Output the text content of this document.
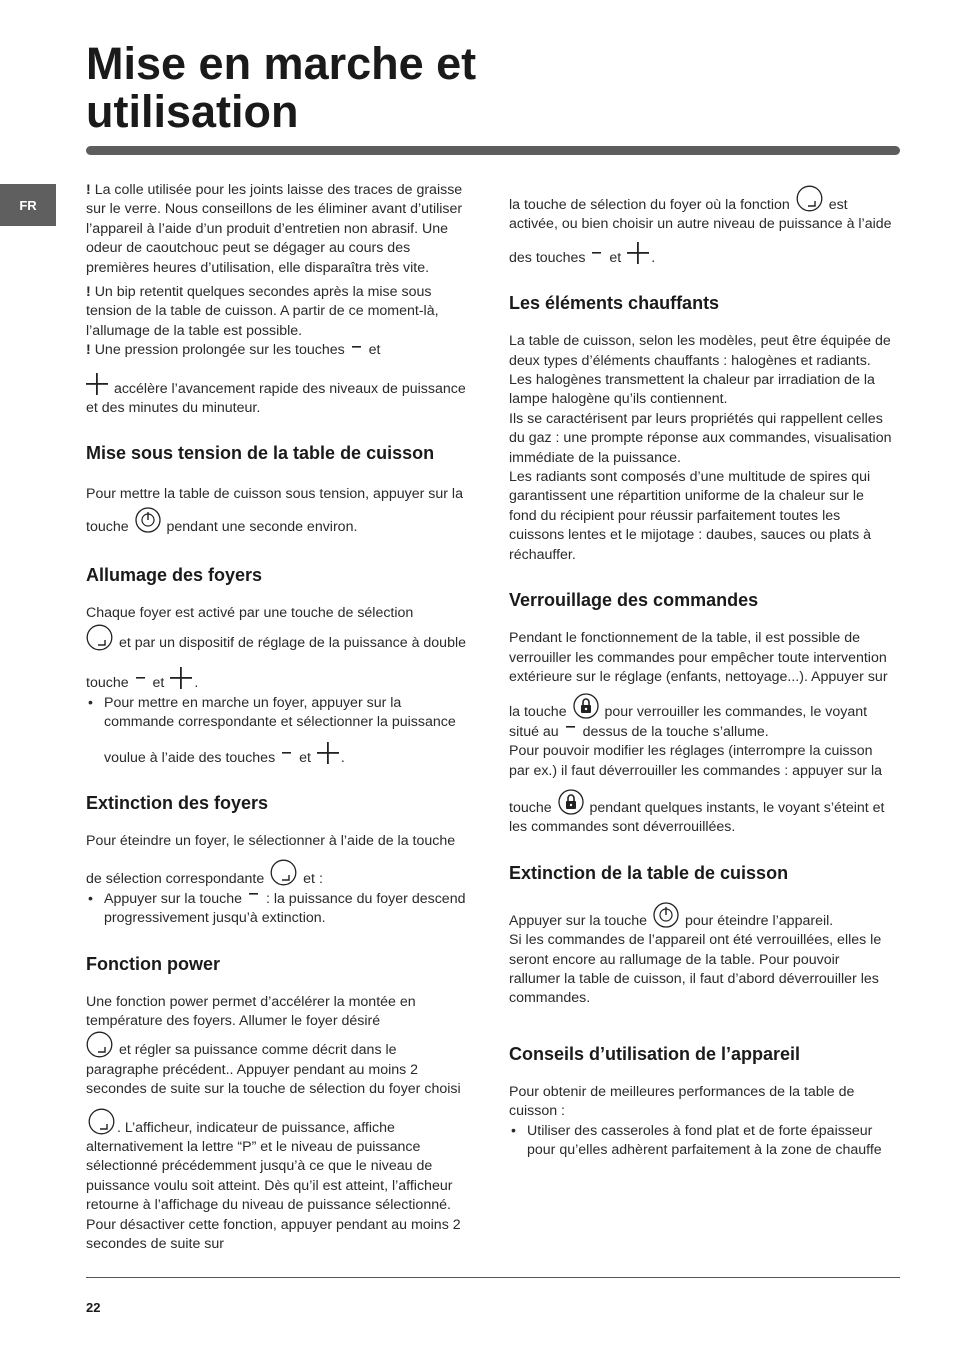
Mise en marche et utilisation
FR

! La colle utilisée pour les joints laisse des traces de graisse sur le verre. Nous conseillons de les éliminer avant d’utiliser l’appareil à l’aide d’un produit d’entretien non abrasif. Une odeur de caoutchouc peut se dégager au cours des premières heures d’utilisation, elle disparaîtra très vite.

! Un bip retentit quelques secondes après la mise sous tension de la table de cuisson. A partir de ce moment-là, l’allumage de la table est possible.

! Une pression prolongée sur les touches et
accélère l’avancement rapide des niveaux de puissance et des minutes du minuteur.

Mise sous tension de la table de cuisson

Pour mettre la table de cuisson sous tension, appuyer sur la touche	pendant une seconde environ.

Allumage des foyers

Chaque foyer est activé par une touche de sélection
et par un dispositif de réglage de la puissance à double touche et .

• Pour mettre en marche un foyer, appuyer sur la commande correspondante et sélectionner la puissance voulue à l’aide des touches et .
Extinction des foyers

Pour éteindre un foyer, le sélectionner à l’aide de la touche de sélection correspondante	et :

• Appuyer sur la touche : la puissance du foyer descend progressivement jusqu’à extinction.
Fonction power

Une fonction power permet d’accélérer la montée en température des foyers. Allumer le foyer désiré
et régler sa puissance comme décrit dans le paragraphe précédent.. Appuyer pendant au moins 2 secondes de suite sur la touche de sélection du foyer choisi . L’afficheur, indicateur de puissance, affiche alternativement la lettre “P” et le niveau de puissance sélectionné précédemment jusqu’à ce que le niveau de puissance voulu soit atteint. Dès qu’il est atteint, l’afficheur retourne à l’affichage du niveau de puissance sélectionné. Pour désactiver cette fonction, appuyer pendant au moins 2 secondes de suite sur

la touche de sélection du foyer où la fonction	est activée, ou bien choisir un autre niveau de puissance à l’aide des touches et .

Les éléments chauffants

La table de cuisson, selon les modèles, peut être équipée de deux types d’éléments chauffants : halogènes et radiants.

Les halogènes transmettent la chaleur par irradiation de la lampe halogène qu’ils contiennent.

Ils se caractérisent par leurs propriétés qui rappellent celles du gaz : une prompte réponse aux commandes, visualisation immédiate de la puissance.

Les radiants sont composés d’une multitude de spires qui garantissent une répartition uniforme de la chaleur sur le fond du récipient pour réussir parfaitement toutes les cuissons lentes et le mijotage : daubes, sauces ou plats à réchauffer.

Verrouillage des commandes

Pendant le fonctionnement de la table, il est possible de verrouiller les commandes pour empêcher toute intervention extérieure sur le réglage (enfants, nettoyage...). Appuyer sur la touche	pour verrouiller les commandes, le voyant situé au dessus de la touche s’allume.

Pour pouvoir modifier les réglages (interrompre la cuisson par ex.) il faut déverrouiller les commandes : appuyer sur la touche	pendant quelques instants, le voyant s’éteint et les commandes sont déverrouillées.

Extinction de la table de cuisson

Appuyer sur la touche	pour éteindre l’appareil.

Si les commandes de l’appareil ont été verrouillées, elles le seront encore au rallumage de la table. Pour pouvoir rallumer la table de cuisson, il faut d’abord déverrouiller les commandes.

Conseils d’utilisation de l’appareil

Pour obtenir de meilleures performances de la table de cuisson :

• Utiliser des casseroles à fond plat et de forte épaisseur pour qu’elles adhèrent parfaitement à la zone de chauffe
22
